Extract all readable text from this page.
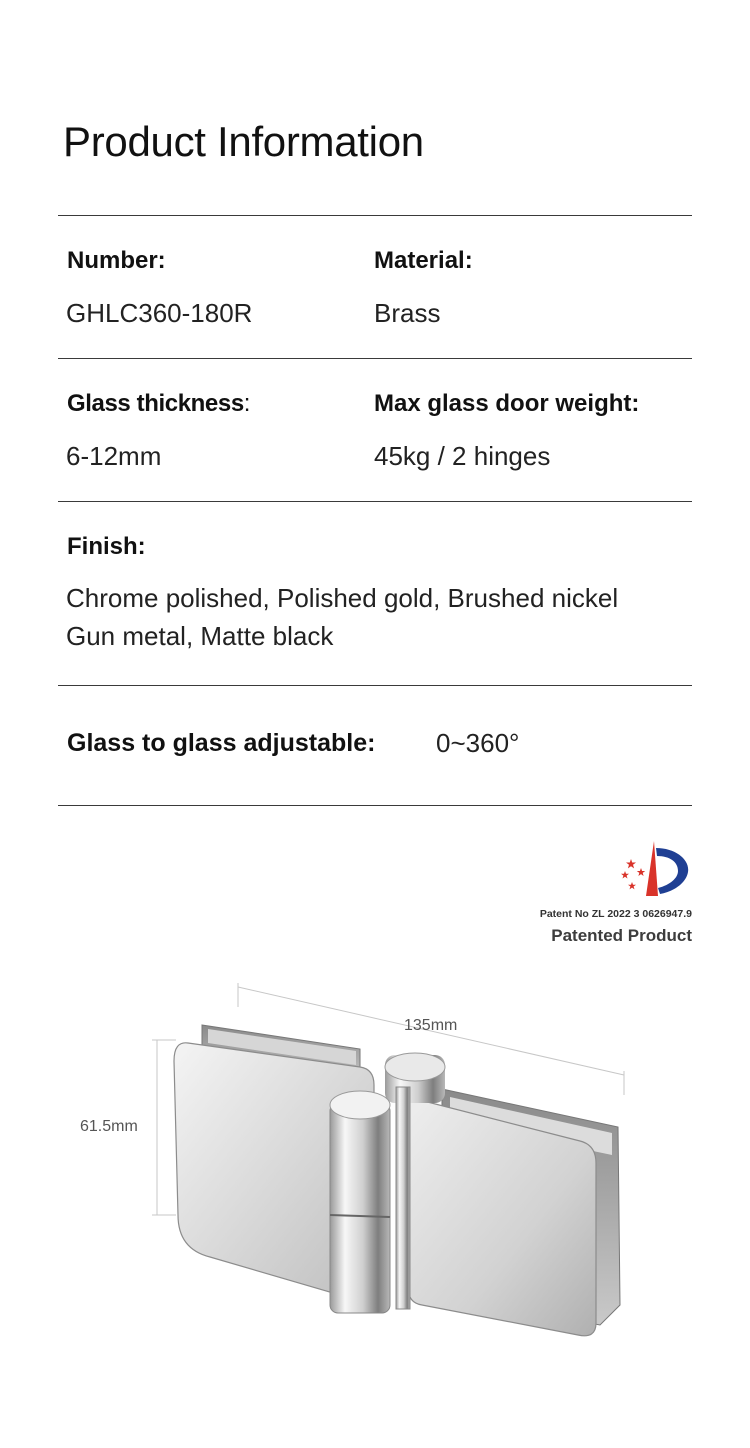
Product Information
Number:	Material:
GHLC360-180R	Brass
Glass thickness:	Max glass door weight:
6-12mm	45kg / 2 hinges
Finish:
Chrome polished, Polished gold, Brushed nickel
Gun metal, Matte black
Glass to glass adjustable: 0~360°
Patent No ZL 2022 3 0626947.9
Patented Product
135mm
61.5mm
